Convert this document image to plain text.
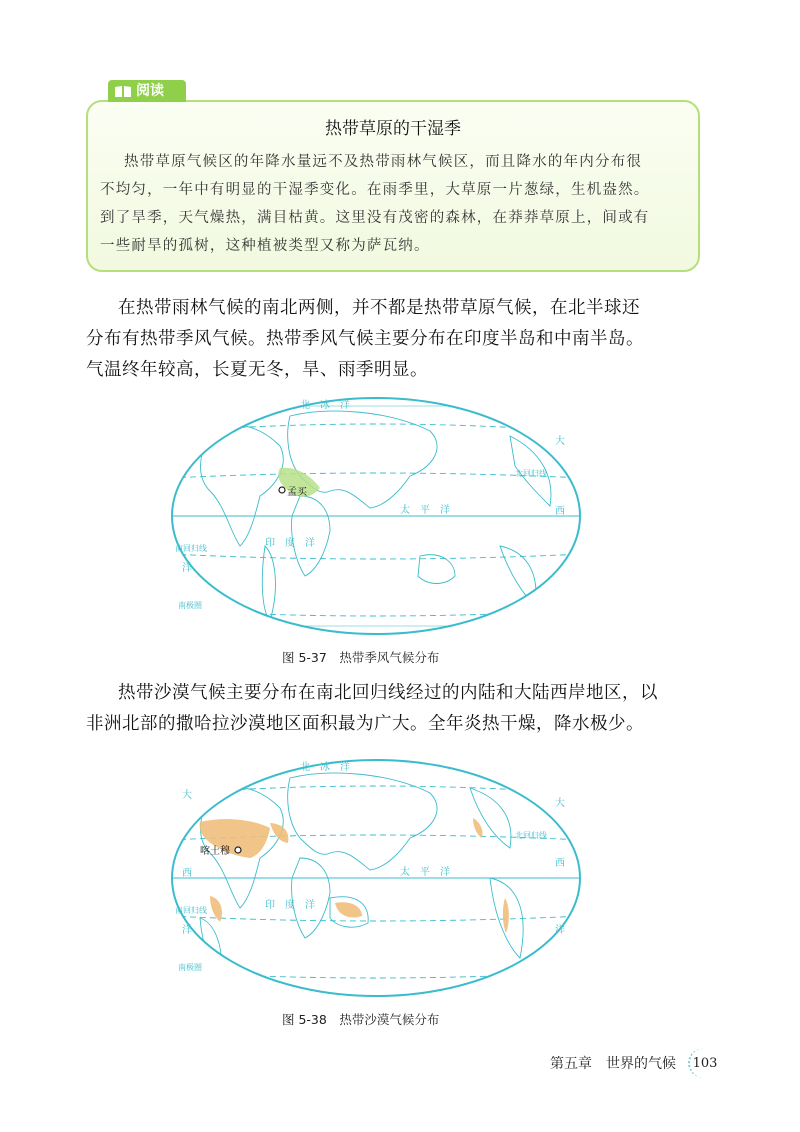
阅读
热带草原的干湿季
热带草原气候区的年降水量远不及热带雨林气候区，而且降水的年内分布很
不均匀，一年中有明显的干湿季变化。在雨季里，大草原一片葱绿，生机盎然。
到了旱季，天气燥热，满目枯黄。这里没有茂密的森林，在莽莽草原上，间或有
一些耐旱的孤树，这种植被类型又称为萨瓦纳。
在热带雨林气候的南北两侧，并不都是热带草原气候，在北半球还
分布有热带季风气候。热带季风气候主要分布在印度半岛和中南半岛。
气温终年较高，长夏无冬，旱、雨季明显。
孟买
北　冰　洋
太　平　洋
印　度　洋
大
洋
西
北回归线
南回归线
南极圈
图 5-37　热带季风气候分布
热带沙漠气候主要分布在南北回归线经过的内陆和大陆西岸地区，以
非洲北部的撒哈拉沙漠地区面积最为广大。全年炎热干燥，降水极少。
喀土穆
北　冰　洋
太　平　洋
印　度　洋
大
大
洋	洋
西
西
北回归线
南回归线
南极圈
图 5-38　热带沙漠气候分布
第五章　世界的气候	103
